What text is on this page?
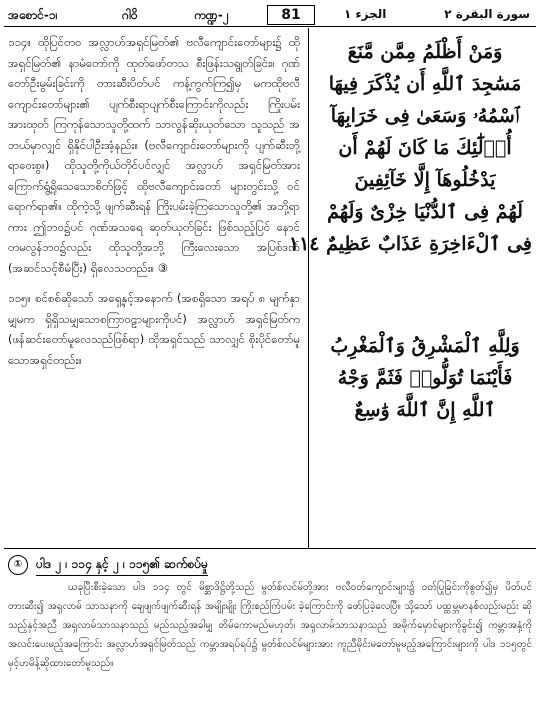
အစောင်-၁၊	ဂါဝိ	ကဏ္ဍ-၂	81	الجزء ١	سورة البقرة ٢

၁၁၄။ ထိုပြင်တဝ အလ္လာဟ်အရှင်မြတ်၏ ဗလီကျောင်းတော်များ၌ ထိုအရှင်မြတ်၏ နာမံတော်ကို ထုတ်ဖော်တသ စီးဖြန်းသရွုတ်ခြင်း။ ဂုဏ်တော်ဦးမွမ်းခြင်းကို တားဆီးပိတ်ပင် ကန့်ကွက်ကြ၍မှ မကထိုဗလီ ကျောင်းတော်များ၏ ပျက်စီးရာပျက်စီးကြောင်းကိုလည်း ကြိုးပမ်းအားထုတ် ကြကုန်သောသူတို့ထက် သာလွန်ဆိုးယုတ်သော သူသည် အဘယ်မှာလျှင် ရှိနိုင်ပါဦးအံ့နည်း။ (ဗလီကျောင်းတော်များကို ပျက်ဆီးဘို့ရာဝေးစွ။) ထိုသူတို့ကိုယ်တိုင်ပင်လျှင် အလ္လာဟ် အရှင်မြတ်အား ကြောက်ရွံ့ရိုသေသောစိတ်ဖြင့် ထိုဗလီကျောင်းတော် များတွင်းသို့ ဝင်ရောက်ရာ၏။ ထိုကဲ့သို့ ဖျက်ဆီးရန် ကြိုးပမ်းခဲ့ကြသောသူတို့၏ အဘို့ရာကား ဤဘဝ၌ပင် ဂုဏ်အသရေ ဆုတ်ယုတ်ခြင်း ဖြစ်သည့်ပြင် နောင် တမလွန်ဘဝ၌လည်း ထိုသူတို့အဘို့ ကြီးလေးသော အပြစ်ဒဏ် (အဆင်သင့်စီမံပြီး) ရှိလေသတည်း။ ③

၁၁၅။ စင်စစ်ဆိုသော် အရှေ့နှင့်အနောက် (အစရှိသော အရပ် ၈ မျက်နှာမျှမက ရှိရှိသမျှသောစကြာဝဠာများကိုပင်) အလ္လာဟ် အရှင်မြတ်က (ဖန်ဆင်းတော်မူလေသည်ဖြစ်ရာ) ထိုအရှင်သည် သာလျှင် စိုးပိုင်တော်မူသောအရှင်တည်း။

وَمَنْ أَظْلَمُ مِمَّن مَّنَعَ
مَسَٰجِدَ ٱللَّهِ أَن يُذْكَرَ فِيهَا
ٱسْمُهُۥ وَسَعَىٰ فِى خَرَابِهَآ
أُو۟لَٰٓئِكَ مَا كَانَ لَهُمْ أَن
يَدْخُلُوهَآ إِلَّا خَآئِفِينَ
لَهُمْ فِى ٱلدُّنْيَا خِزْىٌ وَلَهُمْ
فِى ٱلْءَاخِرَةِ عَذَابٌ عَظِيمٌ ١١٤
وَلِلَّهِ ٱلْمَشْرِقُ وَٱلْمَغْرِبُ
فَأَيْنَمَا تُوَلُّوا۟ فَثَمَّ وَجْهُ
ٱللَّهِ إِنَّ ٱللَّهَ وَٰسِعٌ
①	ပါဒ ၂ ၊ ၁၁၄ နှင့် ၂ ၊ ၁၁၅၏ ဆက်စပ်မှု
ယခုပြီးစီးခဲ့သော ပါဒ ၁၁၄ တွင် မိစ္ဆာဒိဋ္ဌိတို့သည် မွတ်စ်လင်မ်တို့အား ဗလီဝတ်ကျောင်းများ၌ ဝတ်ပြုခြင်းကိုစွတ်၍မှ ပိတ်ပင်တားဆီး၍ အရှလာမ် သာသနာကို ချေဖျက်ဖျက်ဆီးရန် အမျိုးမျိုး ကြိုးစည်ကြံပမ်း ခဲ့ကြောင်းကို ဖော်ပြခဲ့လေပြီ။ သို့သော် ပထ္ထမ္ဘမာနစ်လည်းမည်း ဆိုသည့်နှင့်အညီ အရှလာမ်သာသနာသည် မည်သည့်အခါမျှ တိမ်ကောမည်မဟုတ်၊ အရှလာမ်သာသနာသည် အမိုက်မှောင်များကိုခွင်း၍ ကမ္ဘာအနှံ့ကို အလင်းပေးမည့်အကြောင်း အလ္လာဟ်အရှင်မြတ်သည် ကမ္ဘာအရပ်ရပ်၌ မွတ်စ်လင်မ်များအား ကူညီမိုင်းမတော်မူမည့်အကြောင်းများကို ပါဒ ၁၁၅တွင် မှင့်ဟမိန့်ဆိုထားတော်မူသည်။
